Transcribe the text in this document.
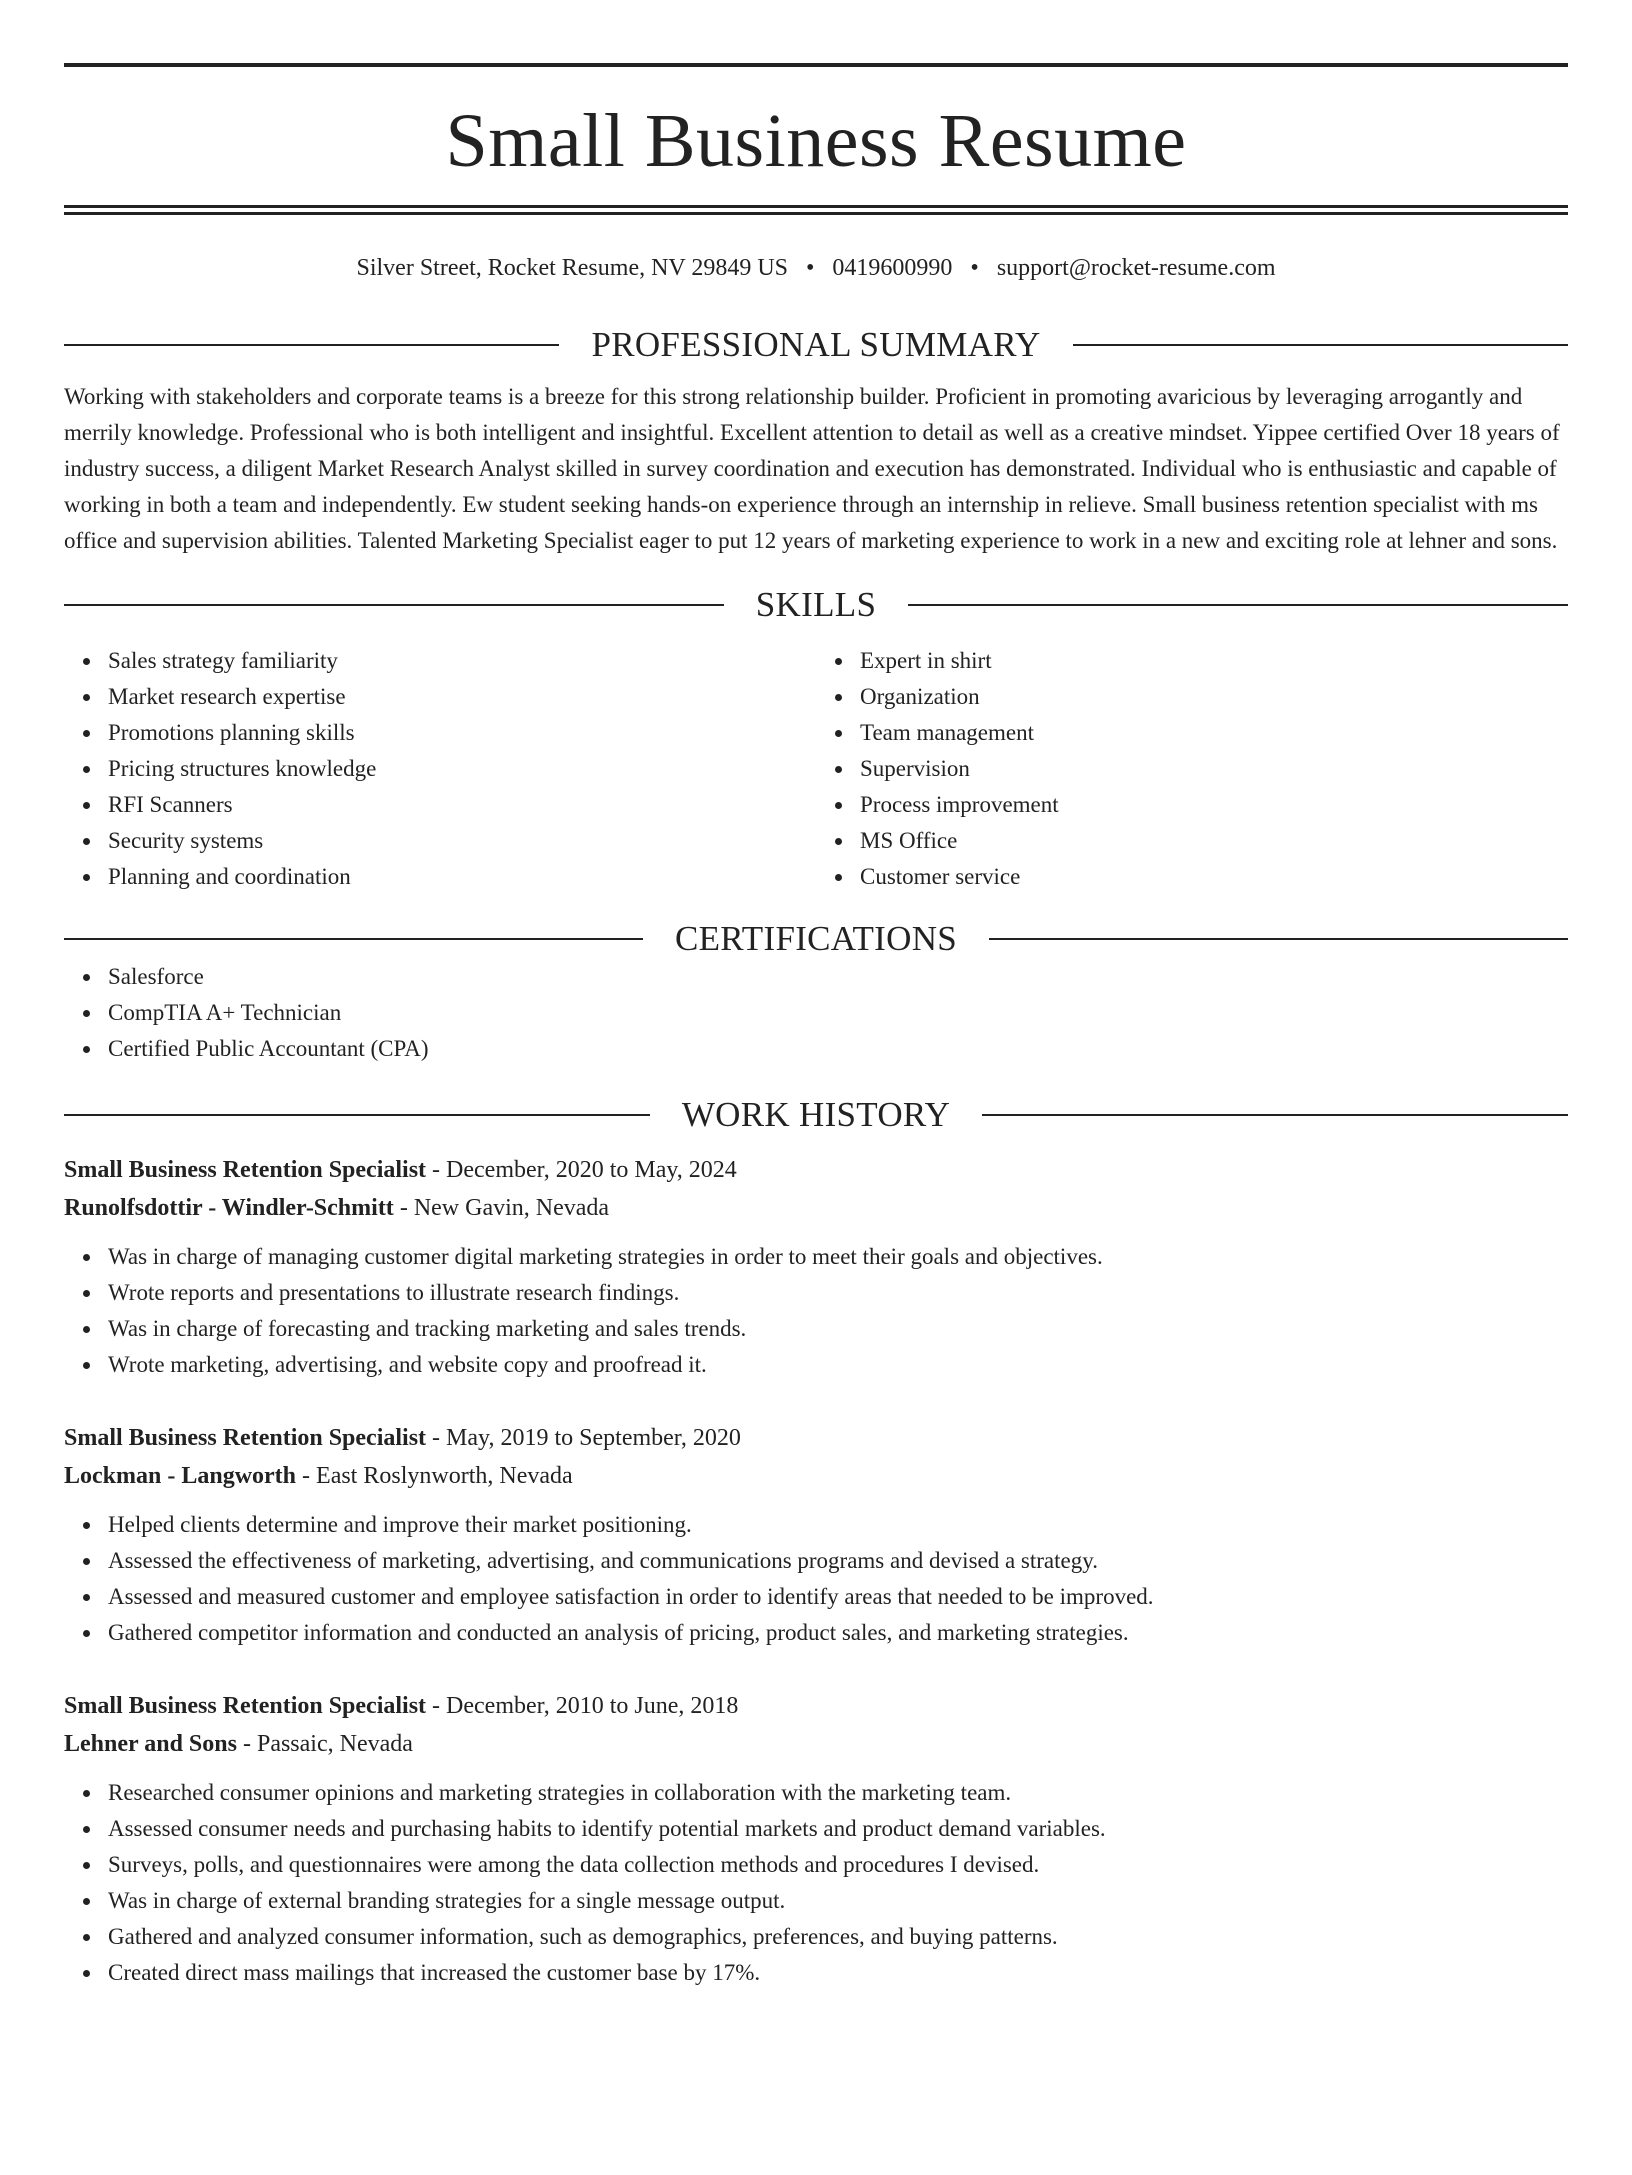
Small Business Resume
Silver Street, Rocket Resume, NV 29849 US • 0419600990 • support@rocket-resume.com
PROFESSIONAL SUMMARY
Working with stakeholders and corporate teams is a breeze for this strong relationship builder. Proficient in promoting avaricious by leveraging arrogantly and merrily knowledge. Professional who is both intelligent and insightful. Excellent attention to detail as well as a creative mindset. Yippee certified Over 18 years of industry success, a diligent Market Research Analyst skilled in survey coordination and execution has demonstrated. Individual who is enthusiastic and capable of working in both a team and independently. Ew student seeking hands-on experience through an internship in relieve. Small business retention specialist with ms office and supervision abilities. Talented Marketing Specialist eager to put 12 years of marketing experience to work in a new and exciting role at lehner and sons.
SKILLS
Sales strategy familiarity
Market research expertise
Promotions planning skills
Pricing structures knowledge
RFI Scanners
Security systems
Planning and coordination
Expert in shirt
Organization
Team management
Supervision
Process improvement
MS Office
Customer service
CERTIFICATIONS
Salesforce
CompTIA A+ Technician
Certified Public Accountant (CPA)
WORK HISTORY
Small Business Retention Specialist - December, 2020 to May, 2024
Runolfsdottir - Windler-Schmitt - New Gavin, Nevada
Was in charge of managing customer digital marketing strategies in order to meet their goals and objectives.
Wrote reports and presentations to illustrate research findings.
Was in charge of forecasting and tracking marketing and sales trends.
Wrote marketing, advertising, and website copy and proofread it.
Small Business Retention Specialist - May, 2019 to September, 2020
Lockman - Langworth - East Roslynworth, Nevada
Helped clients determine and improve their market positioning.
Assessed the effectiveness of marketing, advertising, and communications programs and devised a strategy.
Assessed and measured customer and employee satisfaction in order to identify areas that needed to be improved.
Gathered competitor information and conducted an analysis of pricing, product sales, and marketing strategies.
Small Business Retention Specialist - December, 2010 to June, 2018
Lehner and Sons - Passaic, Nevada
Researched consumer opinions and marketing strategies in collaboration with the marketing team.
Assessed consumer needs and purchasing habits to identify potential markets and product demand variables.
Surveys, polls, and questionnaires were among the data collection methods and procedures I devised.
Was in charge of external branding strategies for a single message output.
Gathered and analyzed consumer information, such as demographics, preferences, and buying patterns.
Created direct mass mailings that increased the customer base by 17%.
